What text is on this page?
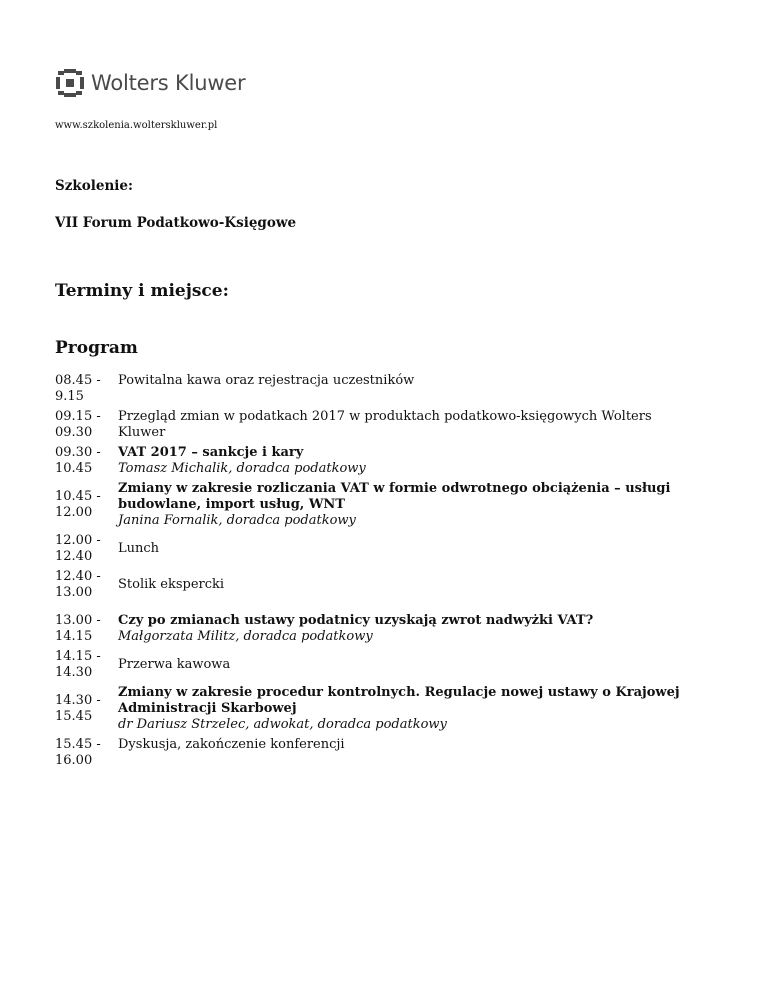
Wolters Kluwer
www.szkolenia.wolterskluwer.pl
Szkolenie:
VII Forum Podatkowo-Księgowe
Terminy i miejsce:
Program
08.45 - 9.15	Powitalna kawa oraz rejestracja uczestników
09.15 - 09.30	Przegląd zmian w podatkach 2017 w produktach podatkowo-księgowych Wolters Kluwer
09.30 - 10.45	VAT 2017 – sankcje i kary
Tomasz Michalik, doradca podatkowy

10.45 - 12.00	Zmiany w zakresie rozliczania VAT w formie odwrotnego obciążenia – usługi budowlane, import usług, WNT
Janina Fornalik, doradca podatkowy

12.00 - 12.40	Lunch
12.40 - 13.00	Stolik ekspercki
13.00 - 14.15	Czy po zmianach ustawy podatnicy uzyskają zwrot nadwyżki VAT?
Małgorzata Militz, doradca podatkowy

14.15 - 14.30	Przerwa kawowa
14.30 - 15.45	Zmiany w zakresie procedur kontrolnych. Regulacje nowej ustawy o Krajowej Administracji Skarbowej
dr Dariusz Strzelec, adwokat, doradca podatkowy

15.45 - 16.00	Dyskusja, zakończenie konferencji
